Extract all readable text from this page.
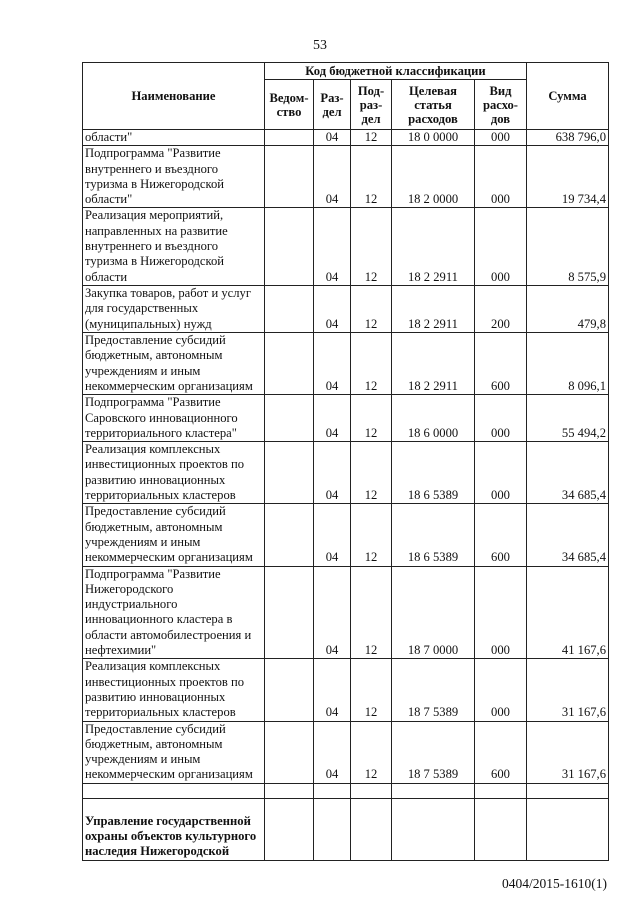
53
Наименование	Код бюджетной классификации					Сумма
	Ведом-ство	Раз-дел	Под-раз-дел	Целевая статья расходов	Вид расхо-дов	
области"		04	12	18 0 0000	000	638 796,0
Подпрограмма "Развитие внутреннего и въездного туризма в Нижегородской области"		04	12	18 2 0000	000	19 734,4
Реализация мероприятий, направленных на развитие внутреннего и въездного туризма в Нижегородской области		04	12	18 2 2911	000	8 575,9
Закупка товаров, работ и услуг для государственных (муниципальных) нужд		04	12	18 2 2911	200	479,8
Предоставление субсидий бюджетным, автономным учреждениям и иным некоммерческим организациям		04	12	18 2 2911	600	8 096,1
Подпрограмма "Развитие Саровского инновационного территориального кластера"		04	12	18 6 0000	000	55 494,2
Реализация комплексных инвестиционных проектов по развитию инновационных территориальных кластеров		04	12	18 6 5389	000	34 685,4
Предоставление субсидий бюджетным, автономным учреждениям и иным некоммерческим организациям		04	12	18 6 5389	600	34 685,4
Подпрограмма "Развитие Нижегородского индустриального инновационного кластера в области автомобилестроения и нефтехимии"		04	12	18 7 0000	000	41 167,6
Реализация комплексных инвестиционных проектов по развитию инновационных территориальных кластеров		04	12	18 7 5389	000	31 167,6
Предоставление субсидий бюджетным, автономным учреждениям и иным некоммерческим организациям		04	12	18 7 5389	600	31 167,6

Управление государственной охраны объектов культурного наследия Нижегородской						
0404/2015-1610(1)
